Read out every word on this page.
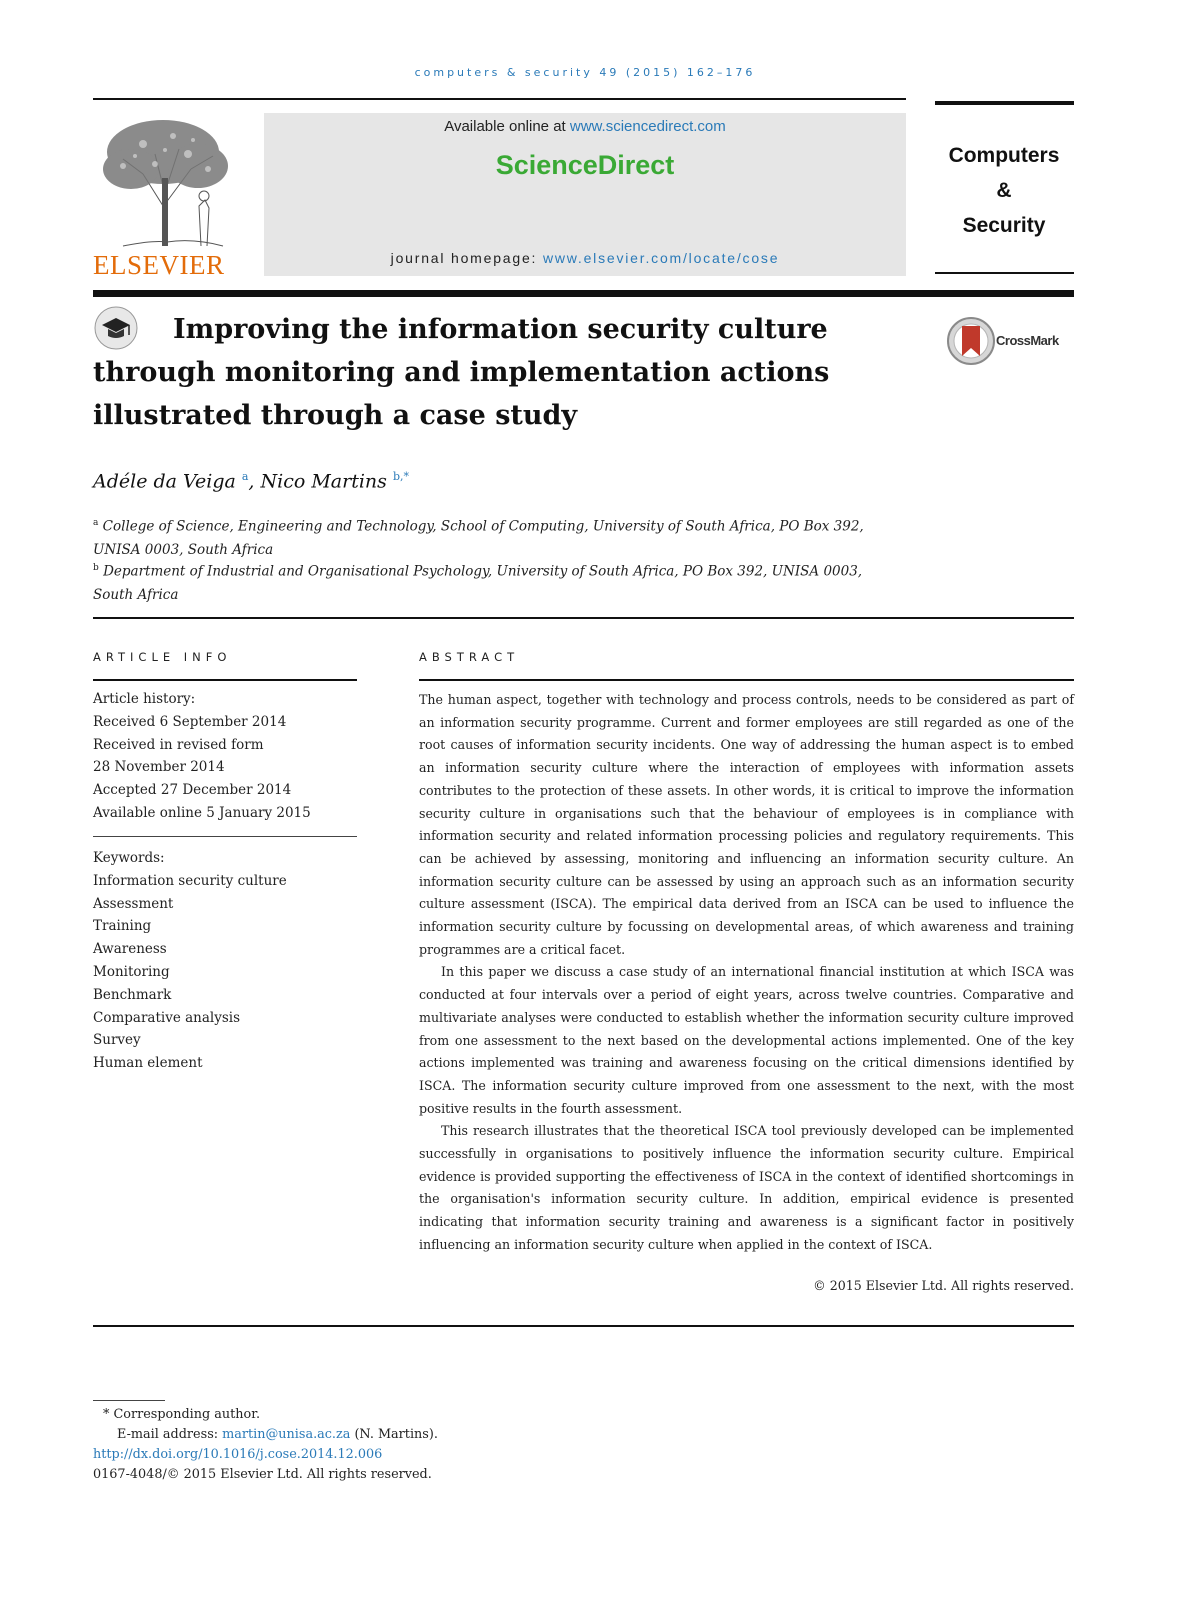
computers & security 49 (2015) 162–176
ELSEVIER
Available online at www.sciencedirect.com
ScienceDirect
journal homepage: www.elsevier.com/locate/cose
Computers
&
Security
Improving the information security culture
through monitoring and implementation actions
illustrated through a case study
CrossMark
Adéle da Veiga $^a$, Nico Martins $^{b,*}$
$^a$ College of Science, Engineering and Technology, School of Computing, University of South Africa, PO Box 392,
UNISA 0003, South Africa
$^b$ Department of Industrial and Organisational Psychology, University of South Africa, PO Box 392, UNISA 0003,
South Africa
ARTICLE INFO
Article history:
Received 6 September 2014
Received in revised form
28 November 2014
Accepted 27 December 2014
Available online 5 January 2015
Keywords:
Information security culture
Assessment
Training
Awareness
Monitoring
Benchmark
Comparative analysis
Survey
Human element
ABSTRACT

The human aspect, together with technology and process controls, needs to be considered as part of an information security programme. Current and former employees are still regarded as one of the root causes of information security incidents. One way of addressing the human aspect is to embed an information security culture where the interaction of employees with information assets contributes to the protection of these assets. In other words, it is critical to improve the information security culture in organisations such that the behaviour of employees is in compliance with information security and related information processing policies and regulatory requirements. This can be achieved by assessing, monitoring and influencing an information security culture. An information security culture can be assessed by using an approach such as an information security culture assessment (ISCA). The empirical data derived from an ISCA can be used to influence the information security culture by focussing on developmental areas, of which awareness and training programmes are a critical facet.

In this paper we discuss a case study of an international financial institution at which ISCA was conducted at four intervals over a period of eight years, across twelve countries. Comparative and multivariate analyses were conducted to establish whether the information security culture improved from one assessment to the next based on the developmental actions implemented. One of the key actions implemented was training and awareness focusing on the critical dimensions identified by ISCA. The information security culture improved from one assessment to the next, with the most positive results in the fourth assessment.

This research illustrates that the theoretical ISCA tool previously developed can be implemented successfully in organisations to positively influence the information security culture. Empirical evidence is provided supporting the effectiveness of ISCA in the context of identified shortcomings in the organisation's information security culture. In addition, empirical evidence is presented indicating that information security training and awareness is a significant factor in positively influencing an information security culture when applied in the context of ISCA.

© 2015 Elsevier Ltd. All rights reserved.
* Corresponding author.
E-mail address: martin@unisa.ac.za (N. Martins).
http://dx.doi.org/10.1016/j.cose.2014.12.006
0167-4048/© 2015 Elsevier Ltd. All rights reserved.
